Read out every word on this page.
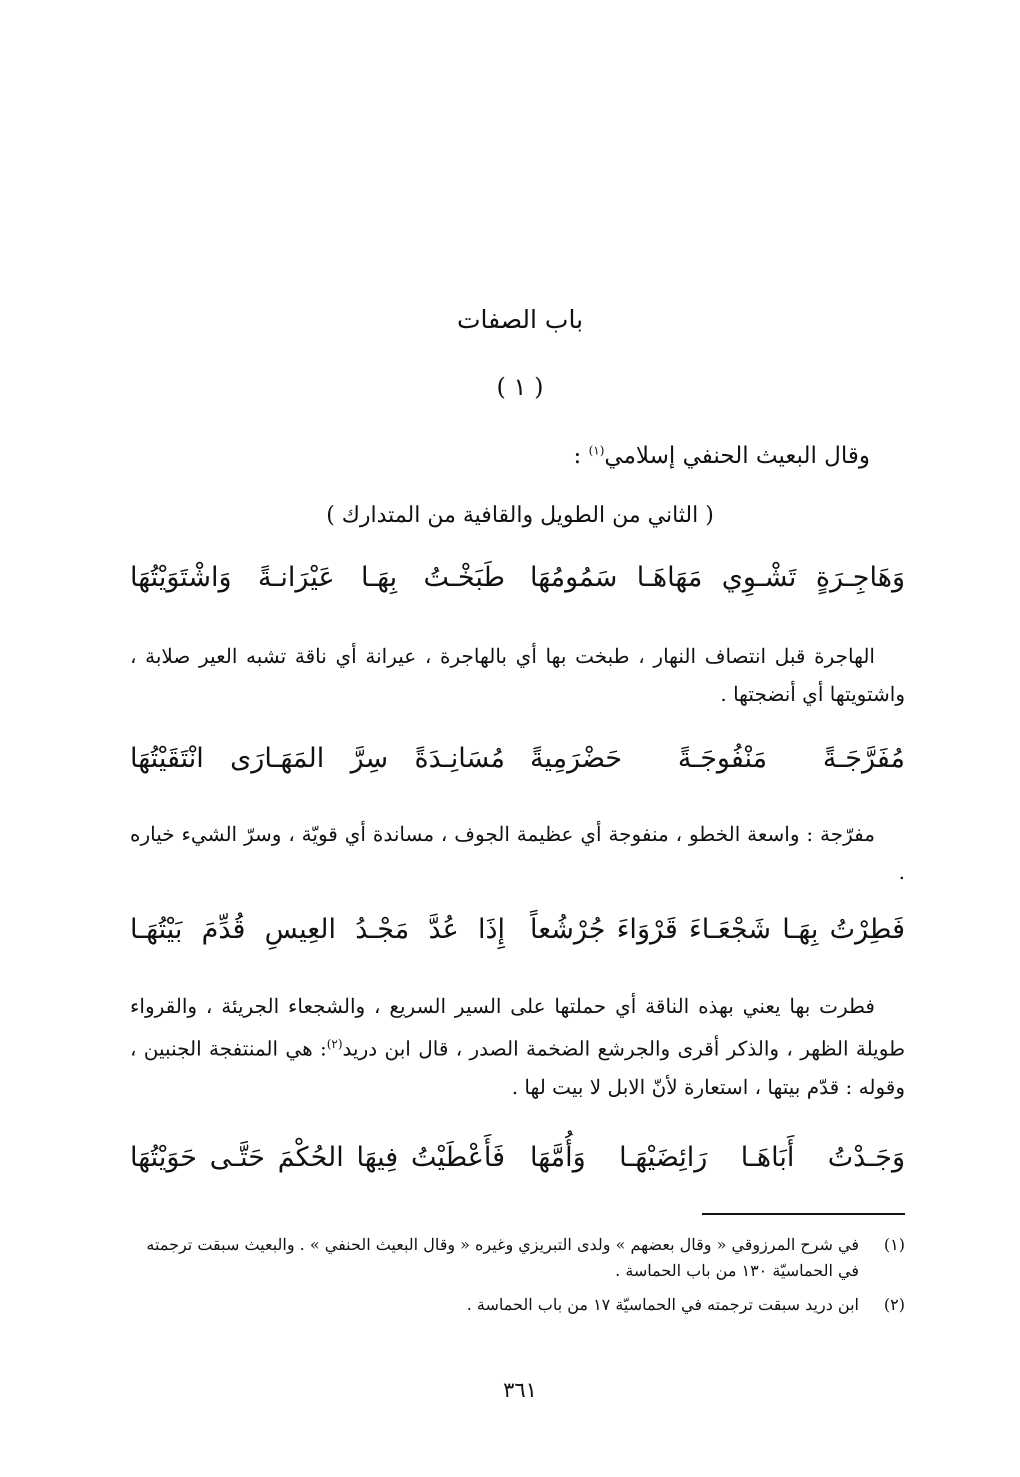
باب الصفات
( ١ )
وقال البعيث الحنفي إسلامي$^{(١)}$ :
( الثاني من الطويل والقافية من المتدارك )
وَهَاجِـرَةٍ تَشْـوِي مَهَاهَـا سَمُومُهَا
طَبَخْـتُ بِهَـا عَيْرَانـةً وَاشْتَوَيْتُهَا

الهاجرة قبل انتصاف النهار ، طبخت بها أي بالهاجرة ، عيرانة أي ناقة تشبه العير صلابة ، واشتويتها أي أنضجتها .

مُفَرَّجَـةً مَنْفُوجَـةً حَضْرَمِيةً
مُسَانِـدَةً سِرَّ المَهَـارَى انْتَقَيْتُهَا

مفرّجة : واسعة الخطو ، منفوجة أي عظيمة الجوف ، مساندة أي قويّة ، وسرّ الشيء خياره .

فَطِرْتُ بِهَـا شَجْعَـاءَ قَرْوَاءَ جُرْشُعاً
إِذَا عُدَّ مَجْـدُ العِيسِ قُدِّمَ بَيْتُهَـا

فطرت بها يعني بهذه الناقة أي حملتها على السير السريع ، والشجعاء الجريئة ، والقرواء طويلة الظهر ، والذكر أقرى والجرشع الضخمة الصدر ، قال ابن دريد$^{(٢)}$: هي المنتفجة الجنبين ، وقوله : قدّم بيتها ، استعارة لأنّ الابل لا بيت لها .

وَجَـدْتُ أَبَاهَـا رَائِضَيْهَـا وَأُمَّهَا
فَأَعْطَيْتُ فِيهَا الحُكْمَ حَتَّـى حَوَيْتُهَا
(١)
في شرح المرزوقي « وقال بعضهم » ولدى التبريزي وغيره « وقال البعيث الحنفي » . والبعيث سبقت ترجمته في الحماسيّة ١٣٠ من باب الحماسة .
(٢)
ابن دريد سبقت ترجمته في الحماسيّة ١٧ من باب الحماسة .
٣٦١
